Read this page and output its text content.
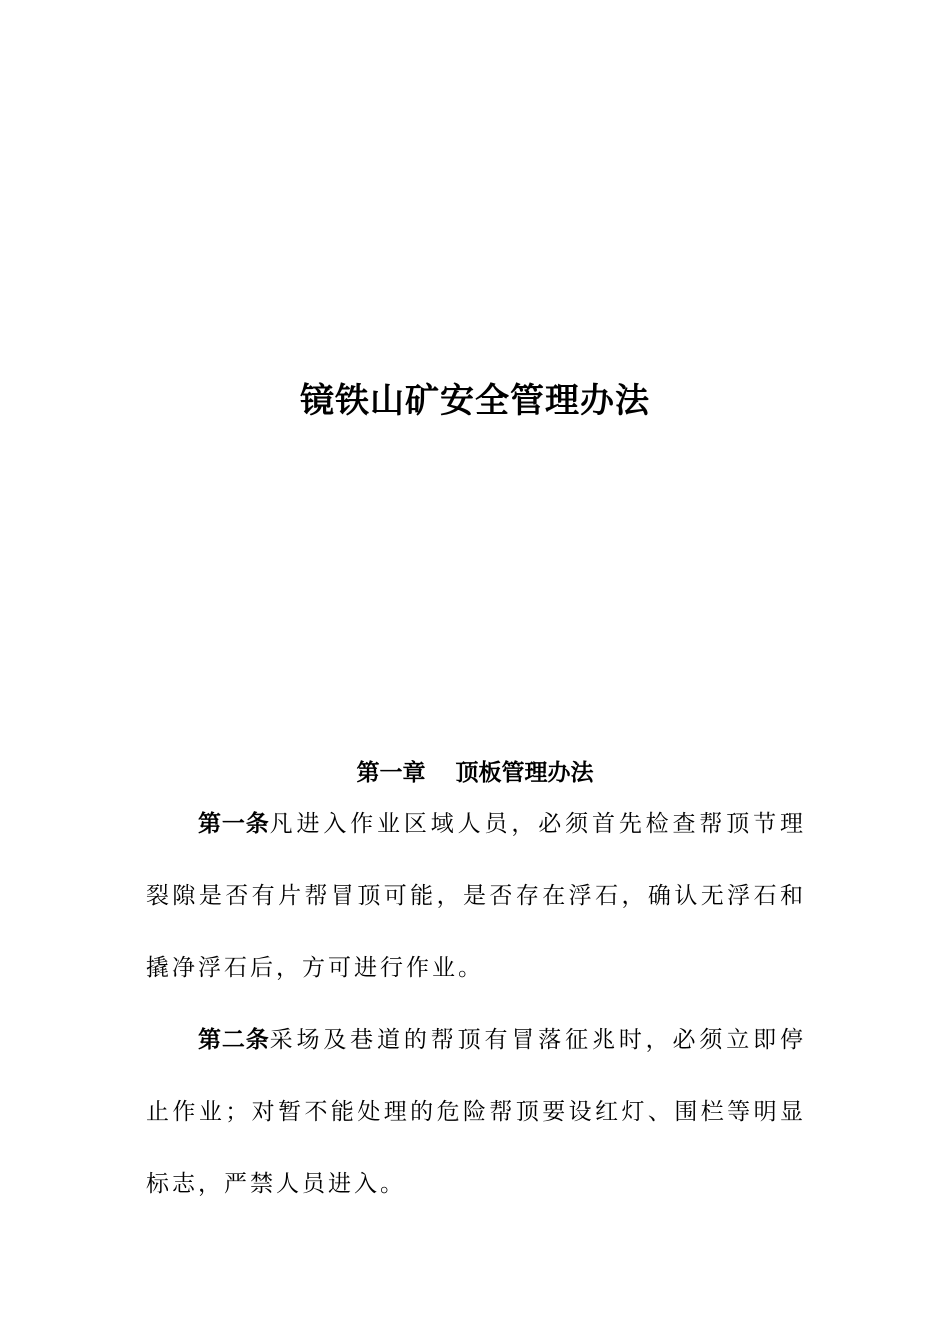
镜铁山矿安全管理办法
第一章 顶板管理办法

第一条凡进入作业区域人员，必须首先检查帮顶节理裂隙是否有片帮冒顶可能，是否存在浮石，确认无浮石和撬净浮石后，方可进行作业。

第二条采场及巷道的帮顶有冒落征兆时，必须立即停止作业；对暂不能处理的危险帮顶要设红灯、围栏等明显标志，严禁人员进入。
